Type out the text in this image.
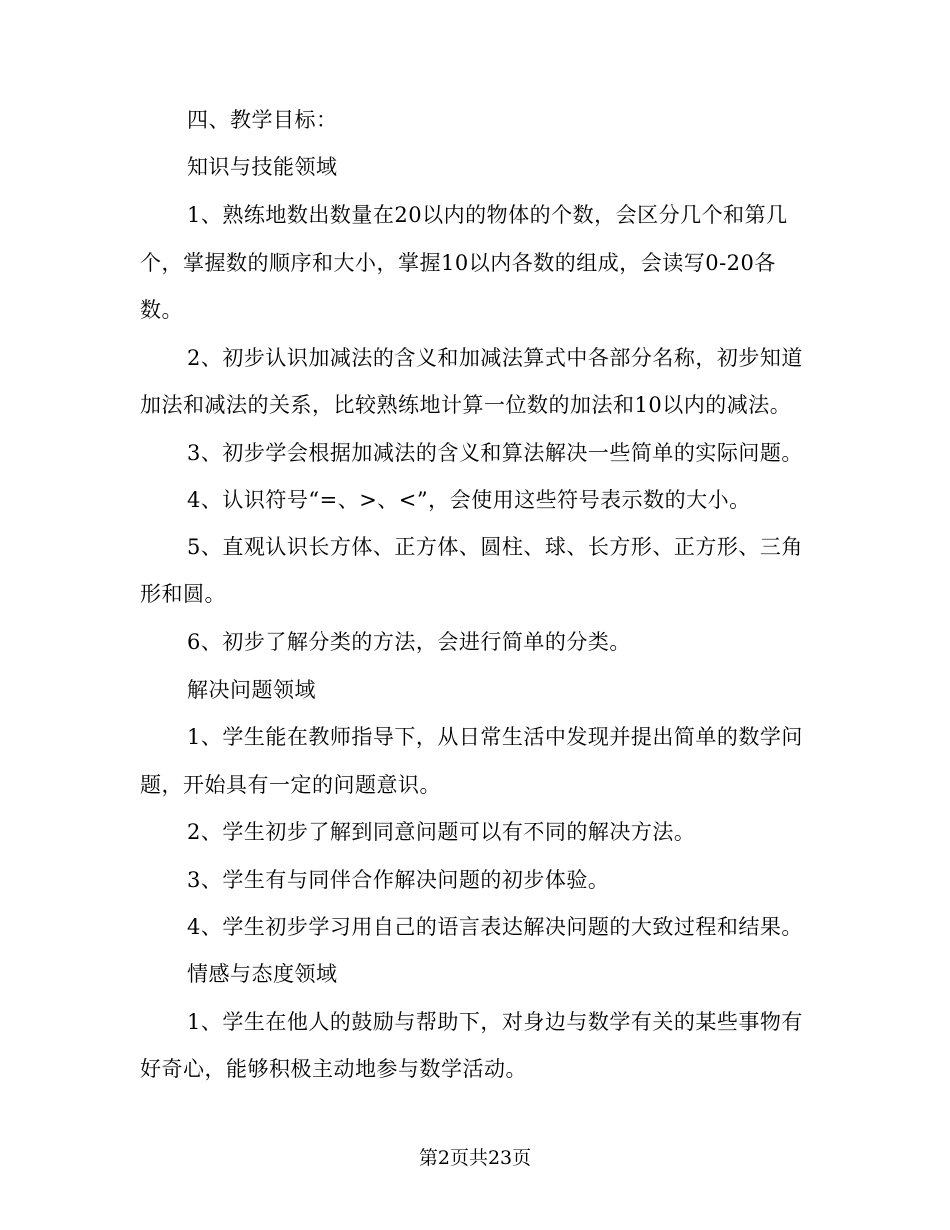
四、教学目标：
知识与技能领域
1、熟练地数出数量在20以内的物体的个数，会区分几个和第几
个，掌握数的顺序和大小，掌握10以内各数的组成，会读写0-20各
数。
2、初步认识加减法的含义和加减法算式中各部分名称，初步知道
加法和减法的关系，比较熟练地计算一位数的加法和10以内的减法。
3、初步学会根据加减法的含义和算法解决一些简单的实际问题。
4、认识符号“=、>、<”，会使用这些符号表示数的大小。
5、直观认识长方体、正方体、圆柱、球、长方形、正方形、三角
形和圆。
6、初步了解分类的方法，会进行简单的分类。
解决问题领域
1、学生能在教师指导下，从日常生活中发现并提出简单的数学问
题，开始具有一定的问题意识。
2、学生初步了解到同意问题可以有不同的解决方法。
3、学生有与同伴合作解决问题的初步体验。
4、学生初步学习用自己的语言表达解决问题的大致过程和结果。
情感与态度领域
1、学生在他人的鼓励与帮助下，对身边与数学有关的某些事物有
好奇心，能够积极主动地参与数学活动。
第2页共23页
